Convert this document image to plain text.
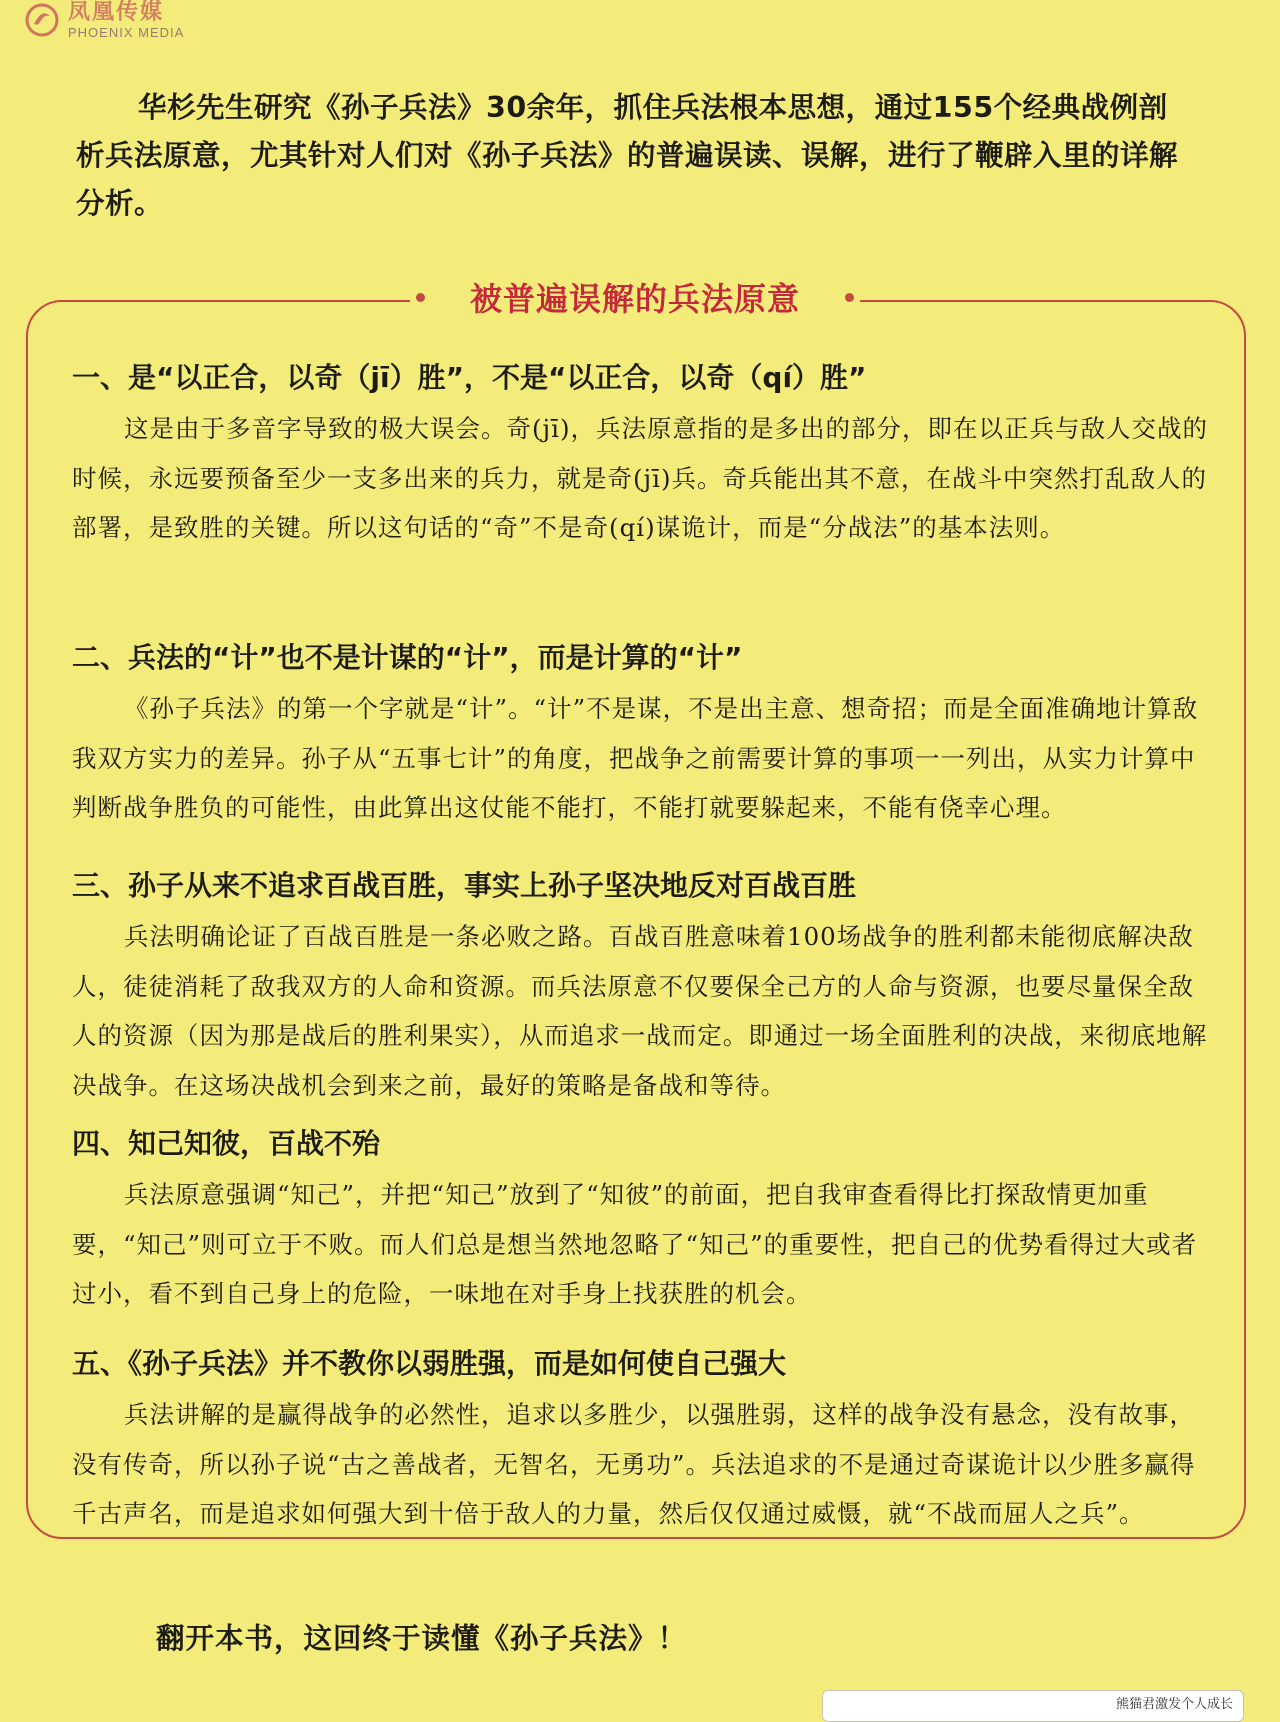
凤凰传媒
PHOENIX MEDIA

华杉先生研究《孙子兵法》30余年，抓住兵法根本思想，通过155个经典战例剖析兵法原意，尤其针对人们对《孙子兵法》的普遍误读、误解，进行了鞭辟入里的详解分析。

被普遍误解的兵法原意
一、是“以正合，以奇（jī）胜”，不是“以正合，以奇（qí）胜”

这是由于多音字导致的极大误会。奇(jī)，兵法原意指的是多出的部分，即在以正兵与敌人交战的时候，永远要预备至少一支多出来的兵力，就是奇(jī)兵。奇兵能出其不意，在战斗中突然打乱敌人的部署，是致胜的关键。所以这句话的“奇”不是奇(qí)谋诡计，而是“分战法”的基本法则。

二、兵法的“计”也不是计谋的“计”，而是计算的“计”

《孙子兵法》的第一个字就是“计”。“计”不是谋，不是出主意、想奇招；而是全面准确地计算敌我双方实力的差异。孙子从“五事七计”的角度，把战争之前需要计算的事项一一列出，从实力计算中判断战争胜负的可能性，由此算出这仗能不能打，不能打就要躲起来，不能有侥幸心理。

三、孙子从来不追求百战百胜，事实上孙子坚决地反对百战百胜

兵法明确论证了百战百胜是一条必败之路。百战百胜意味着100场战争的胜利都未能彻底解决敌人，徒徒消耗了敌我双方的人命和资源。而兵法原意不仅要保全己方的人命与资源，也要尽量保全敌人的资源（因为那是战后的胜利果实），从而追求一战而定。即通过一场全面胜利的决战，来彻底地解决战争。在这场决战机会到来之前，最好的策略是备战和等待。

四、知己知彼，百战不殆

兵法原意强调“知己”，并把“知己”放到了“知彼”的前面，把自我审查看得比打探敌情更加重要，“知己”则可立于不败。而人们总是想当然地忽略了“知己”的重要性，把自己的优势看得过大或者过小，看不到自己身上的危险，一味地在对手身上找获胜的机会。

五、《孙子兵法》并不教你以弱胜强，而是如何使自己强大

兵法讲解的是赢得战争的必然性，追求以多胜少，以强胜弱，这样的战争没有悬念，没有故事，没有传奇，所以孙子说“古之善战者，无智名，无勇功”。兵法追求的不是通过奇谋诡计以少胜多赢得千古声名，而是追求如何强大到十倍于敌人的力量，然后仅仅通过威慑，就“不战而屈人之兵”。

翻开本书，这回终于读懂《孙子兵法》！
熊猫君激发个人成长
